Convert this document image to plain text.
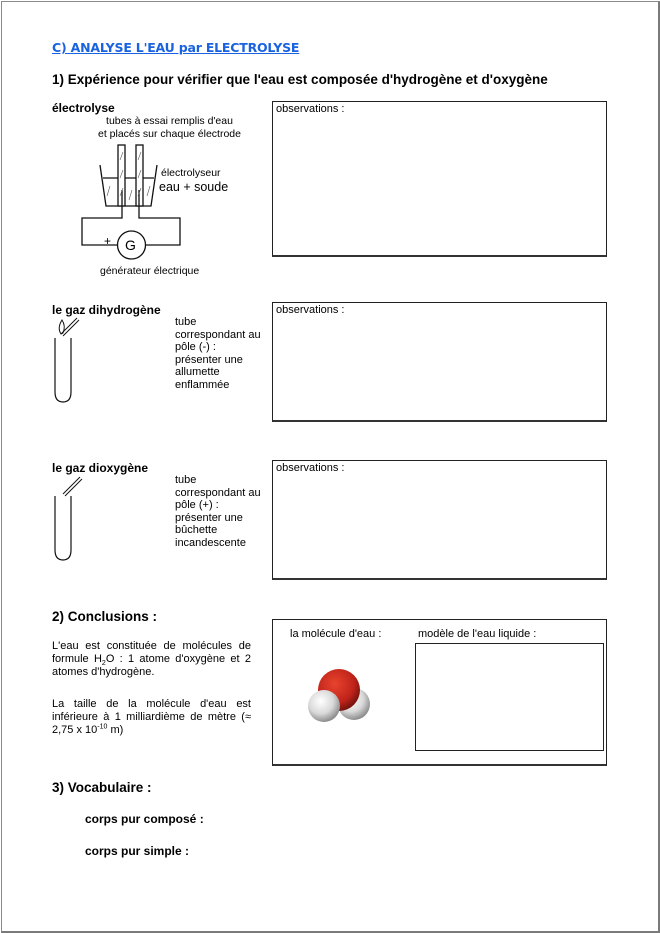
C) ANALYSE L'EAU par ELECTROLYSE
1) Expérience pour vérifier que l'eau est composée d'hydrogène et d'oxygène
électrolyse
tubes à essai remplis d'eau
et placés sur chaque électrode
+ G
électrolyseur
eau + soude
générateur électrique
observations :
le gaz dihydrogène
tube
correspondant au
pôle (-) :
présenter une
allumette
enflammée
observations :
le gaz dioxygène
tube
correspondant au
pôle (+) :
présenter une
bûchette
incandescente
observations :
2) Conclusions :
L'eau est constituée de molécules de formule $H_2O$ : 1 atome d'oxygène et 2 atomes d'hydrogène.
La taille de la molécule d'eau est inférieure à 1 milliardième de mètre (≈ 2,75 x $10^{-10}$ m)
la molécule d'eau :	modèle de l'eau liquide :
3) Vocabulaire :
corps pur composé :
corps pur simple :
